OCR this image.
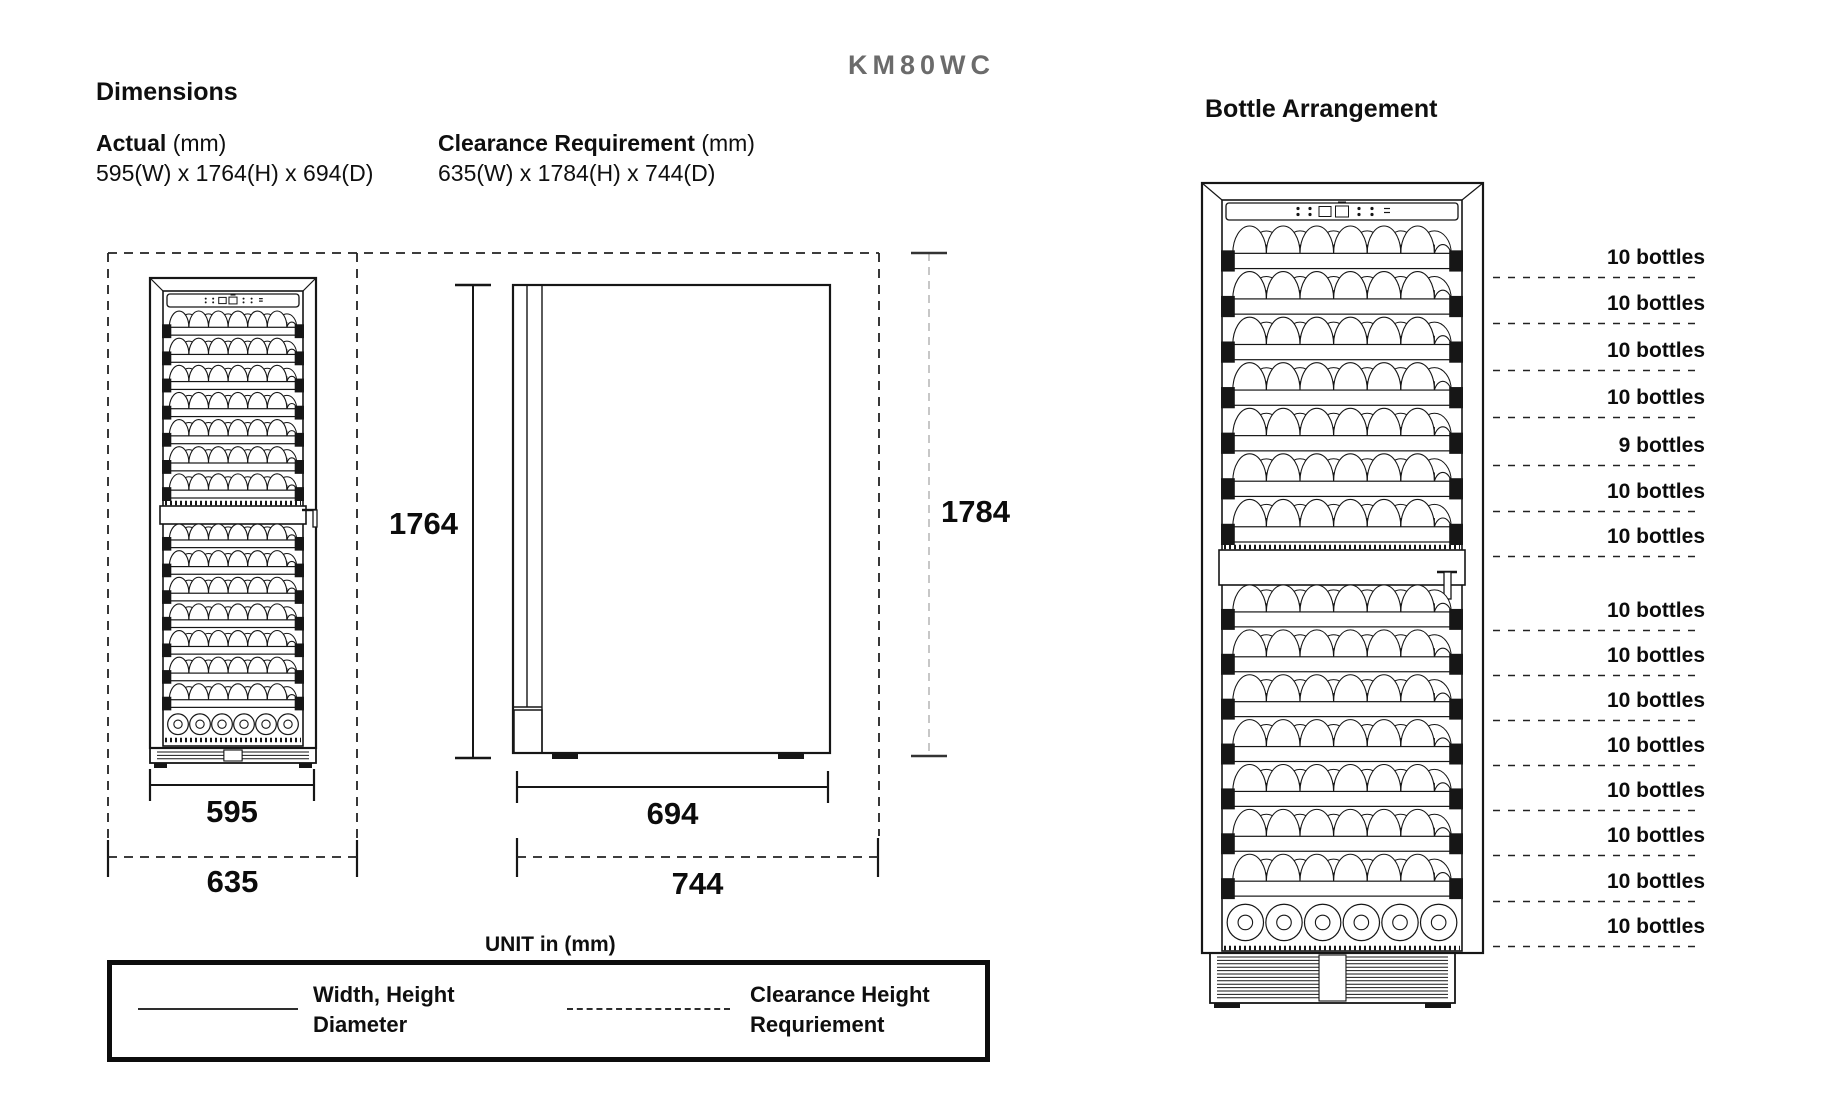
KM80WC
Dimensions
Actual (mm)
595(W) x 1764(H) x 694(D)
Clearance Requirement (mm)
635(W) x 1784(H) x 744(D)
Bottle Arrangement
595
635
1764	1784
694
744
10 bottles
10 bottles
10 bottles
10 bottles
9 bottles
10 bottles
10 bottles
10 bottles
10 bottles
10 bottles
10 bottles
10 bottles
10 bottles
10 bottles
10 bottles
UNIT in (mm)
Width, Height
Diameter
Clearance Height
Requriement
